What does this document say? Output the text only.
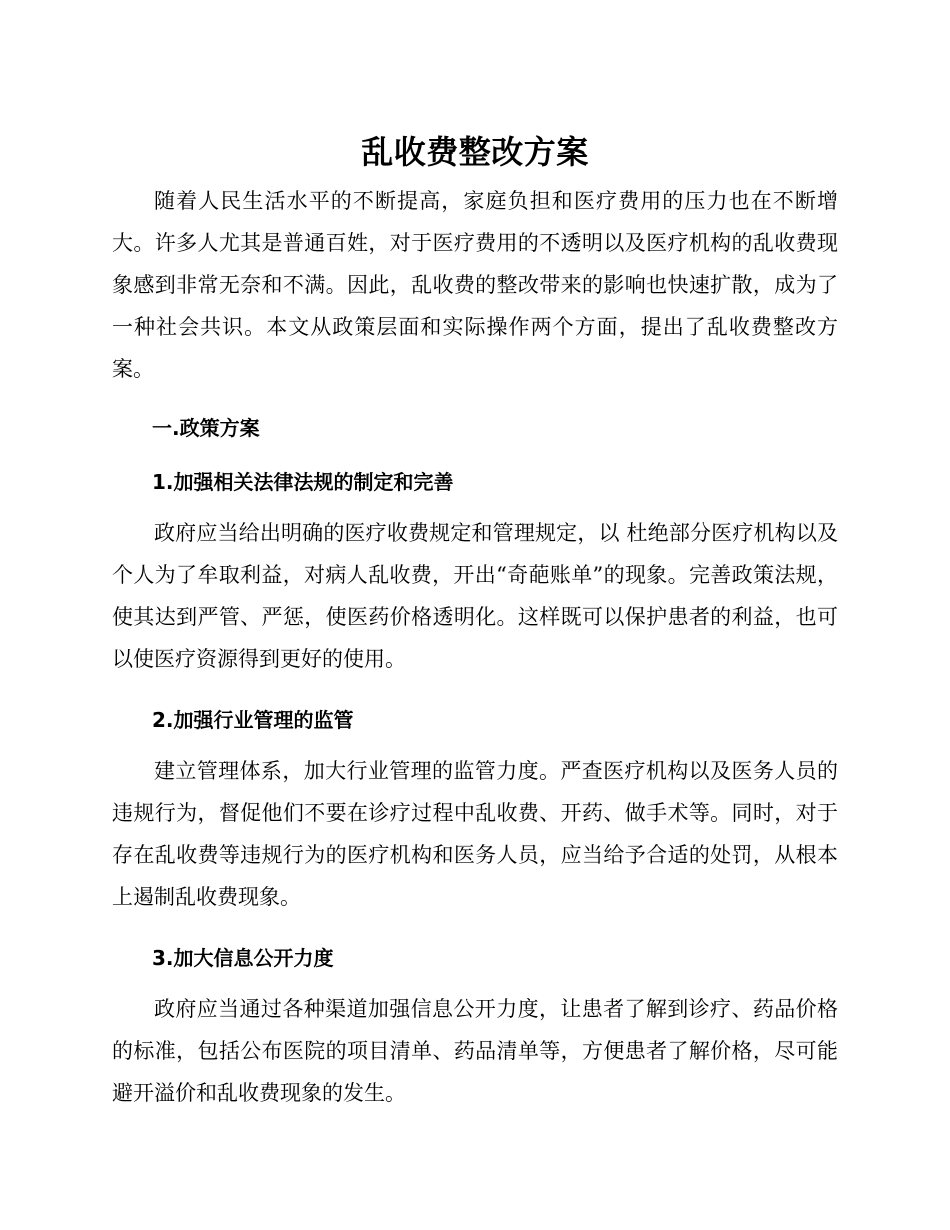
乱收费整改方案

随着人民生活水平的不断提高，家庭负担和医疗费用的压力也在不断增大。许多人尤其是普通百姓，对于医疗费用的不透明以及医疗机构的乱收费现象感到非常无奈和不满。因此，乱收费的整改带来的影响也快速扩散，成为了一种社会共识。本文从政策层面和实际操作两个方面，提出了乱收费整改方案。

一.政策方案

1.加强相关法律法规的制定和完善

政府应当给出明确的医疗收费规定和管理规定，以 杜绝部分医疗机构以及个人为了牟取利益，对病人乱收费，开出“奇葩账单”的现象。完善政策法规，使其达到严管、严惩，使医药价格透明化。这样既可以保护患者的利益，也可以使医疗资源得到更好的使用。

2.加强行业管理的监管

建立管理体系，加大行业管理的监管力度。严查医疗机构以及医务人员的违规行为，督促他们不要在诊疗过程中乱收费、开药、做手术等。同时，对于存在乱收费等违规行为的医疗机构和医务人员，应当给予合适的处罚，从根本上遏制乱收费现象。

3.加大信息公开力度

政府应当通过各种渠道加强信息公开力度，让患者了解到诊疗、药品价格的标准，包括公布医院的项目清单、药品清单等，方便患者了解价格，尽可能避开溢价和乱收费现象的发生。
